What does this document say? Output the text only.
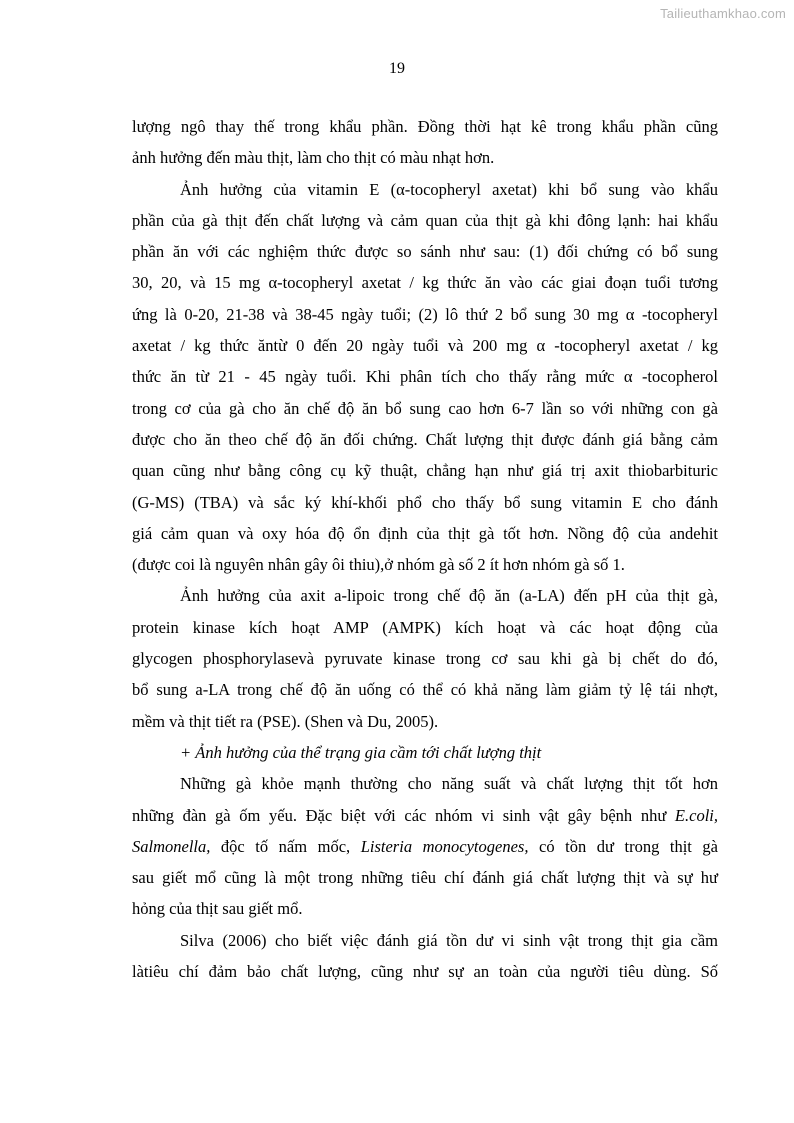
Tailieuthamkhao.com
19

lượng ngô thay thế trong khẩu phần. Đồng thời hạt kê trong khẩu phần cũng

ảnh hưởng đến màu thịt, làm cho thịt có màu nhạt hơn.

Ảnh hưởng của vitamin E (α-tocopheryl axetat) khi bổ sung vào khẩu

phần của gà thịt đến chất lượng và cảm quan của thịt gà khi đông lạnh: hai khẩu

phần ăn với các nghiệm thức được so sánh như sau: (1) đối chứng có bổ sung

30, 20, và 15 mg α-tocopheryl axetat / kg thức ăn vào các giai đoạn tuổi tương

ứng là 0-20, 21-38 và 38-45 ngày tuổi; (2) lô thứ 2 bổ sung 30 mg α -tocopheryl

axetat / kg thức ăntừ 0 đến 20 ngày tuổi và 200 mg α -tocopheryl axetat / kg

thức ăn từ 21 - 45 ngày tuổi. Khi phân tích cho thấy rằng mức α -tocopherol

trong cơ của gà cho ăn chế độ ăn bổ sung cao hơn 6-7 lần so với những con gà

được cho ăn theo chế độ ăn đối chứng. Chất lượng thịt được đánh giá bằng cảm

quan cũng như bằng công cụ kỹ thuật, chẳng hạn như giá trị axit thiobarbituric

(G-MS) (TBA) và sắc ký khí-khối phổ cho thấy bổ sung vitamin E cho đánh

giá cảm quan và oxy hóa độ ổn định của thịt gà tốt hơn. Nồng độ của andehit

(được coi là nguyên nhân gây ôi thiu),ở nhóm gà số 2 ít hơn nhóm gà số 1.

Ảnh hưởng của axit a-lipoic trong chế độ ăn (a-LA) đến pH của thịt gà,

protein kinase kích hoạt AMP (AMPK) kích hoạt và các hoạt động của

glycogen phosphorylasevà pyruvate kinase trong cơ sau khi gà bị chết do đó,

bổ sung a-LA trong chế độ ăn uống có thể có khả năng làm giảm tỷ lệ tái nhợt,

mềm và thịt tiết ra (PSE). (Shen và Du, 2005).

+ Ảnh hưởng của thể trạng gia cầm tới chất lượng thịt

Những gà khỏe mạnh thường cho năng suất và chất lượng thịt tốt hơn

những đàn gà ốm yếu. Đặc biệt với các nhóm vi sinh vật gây bệnh như E.coli,

Salmonella, độc tố nấm mốc, Listeria monocytogenes, có tồn dư trong thịt gà

sau giết mổ cũng là một trong những tiêu chí đánh giá chất lượng thịt và sự hư

hỏng của thịt sau giết mổ.

Silva (2006) cho biết việc đánh giá tồn dư vi sinh vật trong thịt gia cầm

làtiêu chí đảm bảo chất lượng, cũng như sự an toàn của người tiêu dùng. Số
